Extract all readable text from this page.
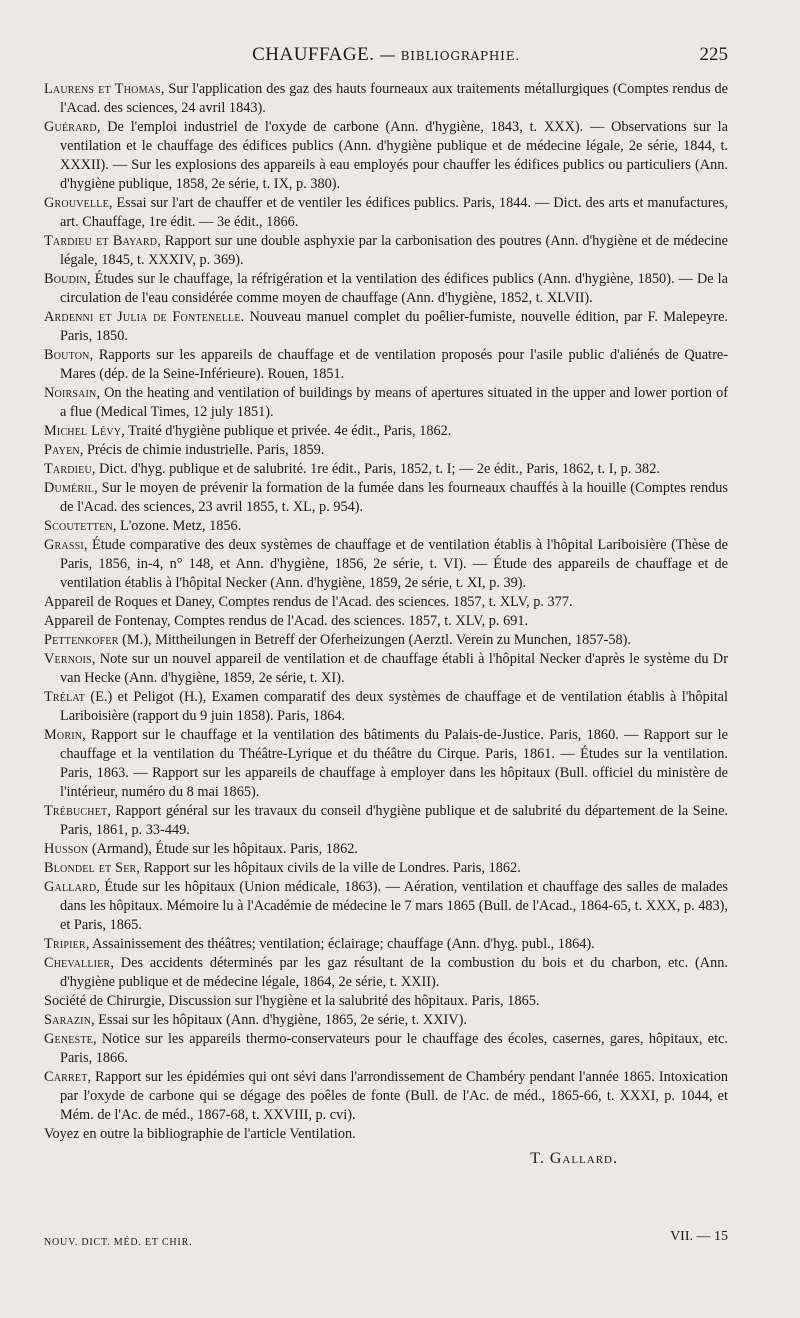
CHAUFFAGE. — BIBLIOGRAPHIE.	225

Laurens et Thomas, Sur l'application des gaz des hauts fourneaux aux traitements métallurgiques (Comptes rendus de l'Acad. des sciences, 24 avril 1843).

Guérard, De l'emploi industriel de l'oxyde de carbone (Ann. d'hygiène, 1843, t. XXX). — Observations sur la ventilation et le chauffage des édifices publics (Ann. d'hygiène publique et de médecine légale, 2e série, 1844, t. XXXII). — Sur les explosions des appareils à eau employés pour chauffer les édifices publics ou particuliers (Ann. d'hygiène publique, 1858, 2e série, t. IX, p. 380).

Grouvelle, Essai sur l'art de chauffer et de ventiler les édifices publics. Paris, 1844. — Dict. des arts et manufactures, art. Chauffage, 1re édit. — 3e édit., 1866.

Tardieu et Bayard, Rapport sur une double asphyxie par la carbonisation des poutres (Ann. d'hygiène et de médecine légale, 1845, t. XXXIV, p. 369).

Boudin, Études sur le chauffage, la réfrigération et la ventilation des édifices publics (Ann. d'hygiène, 1850). — De la circulation de l'eau considérée comme moyen de chauffage (Ann. d'hygiène, 1852, t. XLVII).

Ardenni et Julia de Fontenelle. Nouveau manuel complet du poêlier-fumiste, nouvelle édition, par F. Malepeyre. Paris, 1850.

Bouton, Rapports sur les appareils de chauffage et de ventilation proposés pour l'asile public d'aliénés de Quatre-Mares (dép. de la Seine-Inférieure). Rouen, 1851.

Noirsain, On the heating and ventilation of buildings by means of apertures situated in the upper and lower portion of a flue (Medical Times, 12 july 1851).

Michel Lévy, Traité d'hygiène publique et privée. 4e édit., Paris, 1862.

Payen, Précis de chimie industrielle. Paris, 1859.

Tardieu, Dict. d'hyg. publique et de salubrité. 1re édit., Paris, 1852, t. I; — 2e édit., Paris, 1862, t. I, p. 382.

Duméril, Sur le moyen de prévenir la formation de la fumée dans les fourneaux chauffés à la houille (Comptes rendus de l'Acad. des sciences, 23 avril 1855, t. XL, p. 954).

Scoutetten, L'ozone. Metz, 1856.

Grassi, Étude comparative des deux systèmes de chauffage et de ventilation établis à l'hôpital Lariboisière (Thèse de Paris, 1856, in-4, n° 148, et Ann. d'hygiène, 1856, 2e série, t. VI). — Étude des appareils de chauffage et de ventilation établis à l'hôpital Necker (Ann. d'hygiène, 1859, 2e série, t. XI, p. 39).

Appareil de Roques et Daney, Comptes rendus de l'Acad. des sciences. 1857, t. XLV, p. 377.

Appareil de Fontenay, Comptes rendus de l'Acad. des sciences. 1857, t. XLV, p. 691.

Pettenkofer (M.), Mittheilungen in Betreff der Oferheizungen (Aerztl. Verein zu Munchen, 1857-58).

Vernois, Note sur un nouvel appareil de ventilation et de chauffage établi à l'hôpital Necker d'après le système du Dr van Hecke (Ann. d'hygiène, 1859, 2e série, t. XI).

Trélat (E.) et Peligot (H.), Examen comparatif des deux systèmes de chauffage et de ventilation établis à l'hôpital Lariboisière (rapport du 9 juin 1858). Paris, 1864.

Morin, Rapport sur le chauffage et la ventilation des bâtiments du Palais-de-Justice. Paris, 1860. — Rapport sur le chauffage et la ventilation du Théâtre-Lyrique et du théâtre du Cirque. Paris, 1861. — Études sur la ventilation. Paris, 1863. — Rapport sur les appareils de chauffage à employer dans les hôpitaux (Bull. officiel du ministère de l'intérieur, numéro du 8 mai 1865).

Trébuchet, Rapport général sur les travaux du conseil d'hygiène publique et de salubrité du département de la Seine. Paris, 1861, p. 33-449.

Husson (Armand), Étude sur les hôpitaux. Paris, 1862.

Blondel et Ser, Rapport sur les hôpitaux civils de la ville de Londres. Paris, 1862.

Gallard, Étude sur les hôpitaux (Union médicale, 1863). — Aération, ventilation et chauffage des salles de malades dans les hôpitaux. Mémoire lu à l'Académie de médecine le 7 mars 1865 (Bull. de l'Acad., 1864-65, t. XXX, p. 483), et Paris, 1865.

Tripier, Assainissement des théâtres; ventilation; éclairage; chauffage (Ann. d'hyg. publ., 1864).

Chevallier, Des accidents déterminés par les gaz résultant de la combustion du bois et du charbon, etc. (Ann. d'hygiène publique et de médecine légale, 1864, 2e série, t. XXII).

Société de Chirurgie, Discussion sur l'hygiène et la salubrité des hôpitaux. Paris, 1865.

Sarazin, Essai sur les hôpitaux (Ann. d'hygiène, 1865, 2e série, t. XXIV).

Geneste, Notice sur les appareils thermo-conservateurs pour le chauffage des écoles, casernes, gares, hôpitaux, etc. Paris, 1866.

Carret, Rapport sur les épidémies qui ont sévi dans l'arrondissement de Chambéry pendant l'année 1865. Intoxication par l'oxyde de carbone qui se dégage des poêles de fonte (Bull. de l'Ac. de méd., 1865-66, t. XXXI, p. 1044, et Mém. de l'Ac. de méd., 1867-68, t. XXVIII, p. cvi).

Voyez en outre la bibliographie de l'article Ventilation.

T. Gallard.
NOUV. DICT. MÉD. ET CHIR.	VII. — 15
